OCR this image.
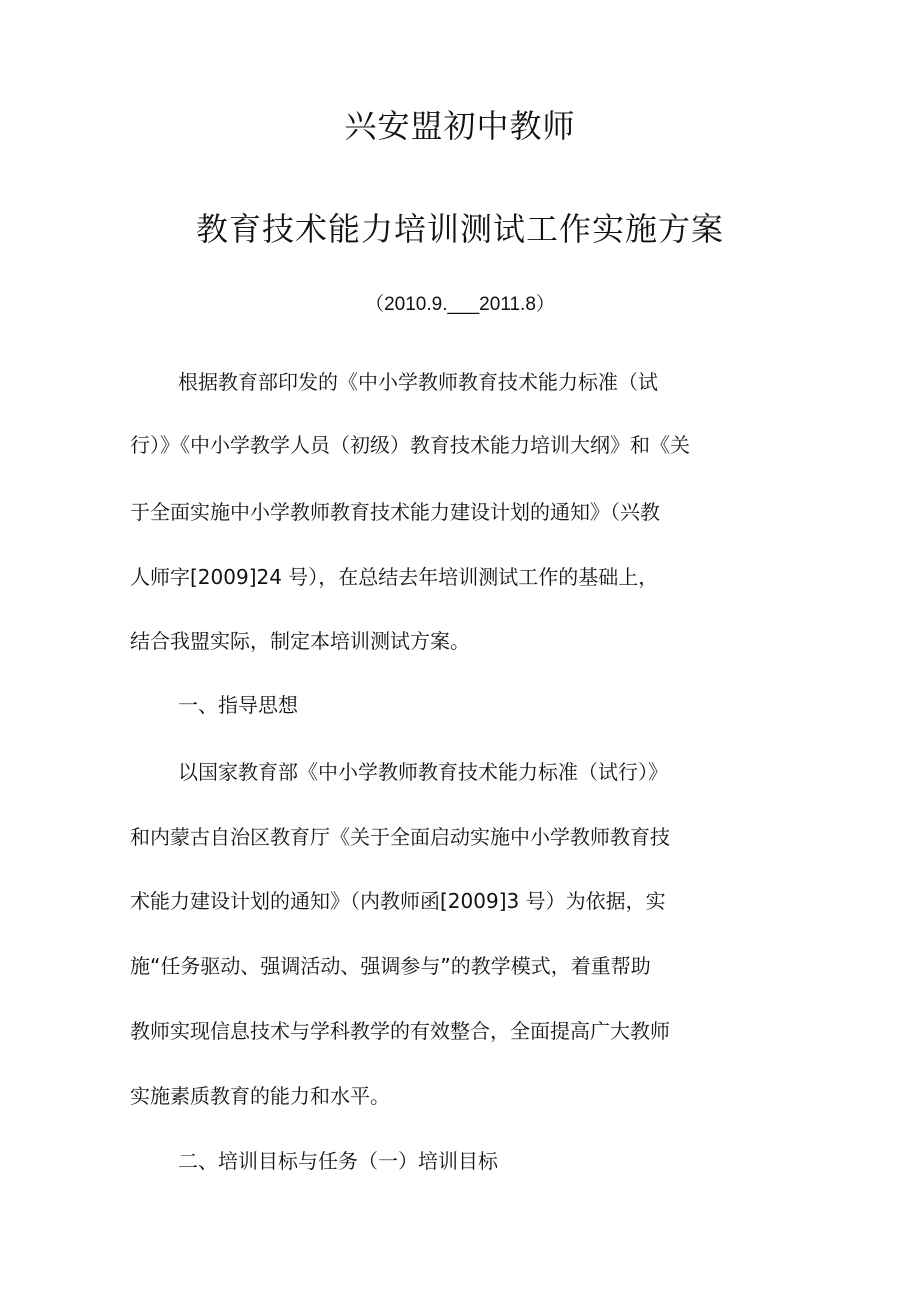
兴安盟初中教师
教育技术能力培训测试工作实施方案
（2010.9.___2011.8）
根据教育部印发的《中小学教师教育技术能力标准（试
行）》《中小学教学人员（初级）教育技术能力培训大纲》和《关
于全面实施中小学教师教育技术能力建设计划的通知》（兴教
人师字[2009]24 号），在总结去年培训测试工作的基础上，
结合我盟实际，制定本培训测试方案。
一、指导思想
以国家教育部《中小学教师教育技术能力标准（试行）》
和内蒙古自治区教育厅《关于全面启动实施中小学教师教育技
术能力建设计划的通知》（内教师函[2009]3 号）为依据，实
施“任务驱动、强调活动、强调参与”的教学模式，着重帮助
教师实现信息技术与学科教学的有效整合，全面提高广大教师
实施素质教育的能力和水平。
二、培训目标与任务（一）培训目标
